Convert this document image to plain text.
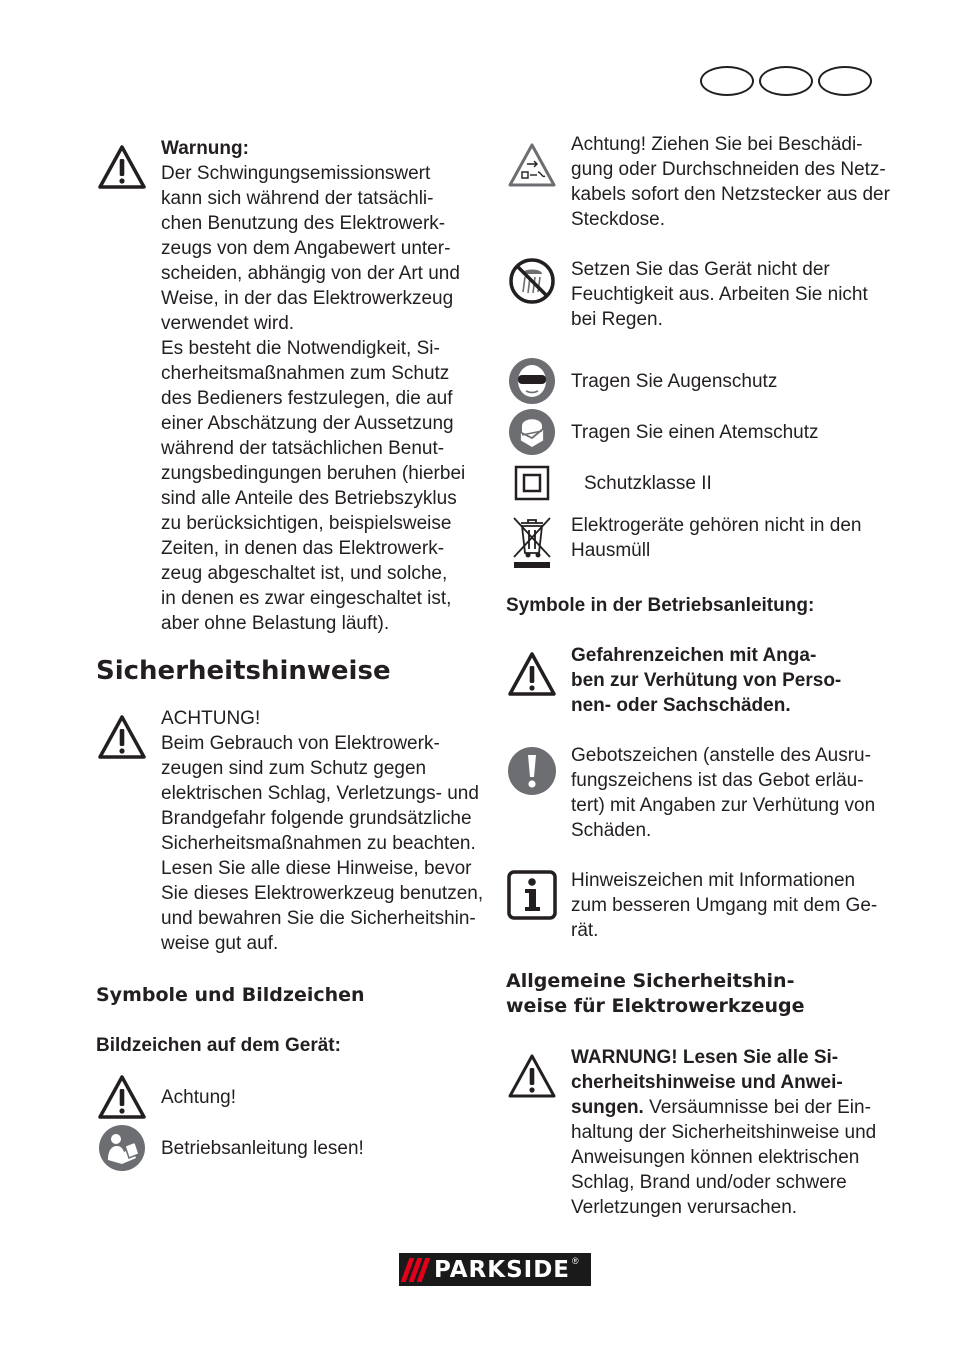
Warnung:
Der Schwingungsemissionswert
kann sich während der tatsächli-
chen Benutzung des Elektrowerk-
zeugs von dem Angabewert unter-
scheiden, abhängig von der Art und
Weise, in der das Elektrowerkzeug
verwendet wird.
Es besteht die Notwendigkeit, Si-
cherheitsmaßnahmen zum Schutz
des Bedieners festzulegen, die auf
einer Abschätzung der Aussetzung
während der tatsächlichen Benut-
zungsbedingungen beruhen (hierbei
sind alle Anteile des Betriebszyklus
zu berücksichtigen, beispielsweise
Zeiten, in denen das Elektrowerk-
zeug abgeschaltet ist, und solche,
in denen es zwar eingeschaltet ist,
aber ohne Belastung läuft).
Sicherheitshinweise
ACHTUNG!
Beim Gebrauch von Elektrowerk-
zeugen sind zum Schutz gegen
elektrischen Schlag, Verletzungs- und
Brandgefahr folgende grundsätzliche
Sicherheitsmaßnahmen zu beachten.
Lesen Sie alle diese Hinweise, bevor
Sie dieses Elektrowerkzeug benutzen,
und bewahren Sie die Sicherheitshin-
weise gut auf.
Symbole und Bildzeichen
Bildzeichen auf dem Gerät:
Achtung!
Betriebsanleitung lesen!
Achtung! Ziehen Sie bei Beschädi-
gung oder Durchschneiden des Netz-
kabels sofort den Netzstecker aus der
Steckdose.
Setzen Sie das Gerät nicht der
Feuchtigkeit aus. Arbeiten Sie nicht
bei Regen.
Tragen Sie Augenschutz
Tragen Sie einen Atemschutz
Schutzklasse II
Elektrogeräte gehören nicht in den
Hausmüll
Symbole in der Betriebsanleitung:
Gefahrenzeichen mit Anga-
ben zur Verhütung von Perso-
nen- oder Sachschäden.
Gebotszeichen (anstelle des Ausru-
fungszeichens ist das Gebot erläu-
tert) mit Angaben zur Verhütung von
Schäden.
Hinweiszeichen mit Informationen
zum besseren Umgang mit dem Ge-
rät.
Allgemeine Sicherheitshin-
weise für Elektrowerkzeuge
WARNUNG! Lesen Sie alle Si-
cherheitshinweise und Anwei-
sungen. Versäumnisse bei der Ein-
haltung der Sicherheitshinweise und
Anweisungen können elektrischen
Schlag, Brand und/oder schwere
Verletzungen verursachen.
PARKSIDE ®
